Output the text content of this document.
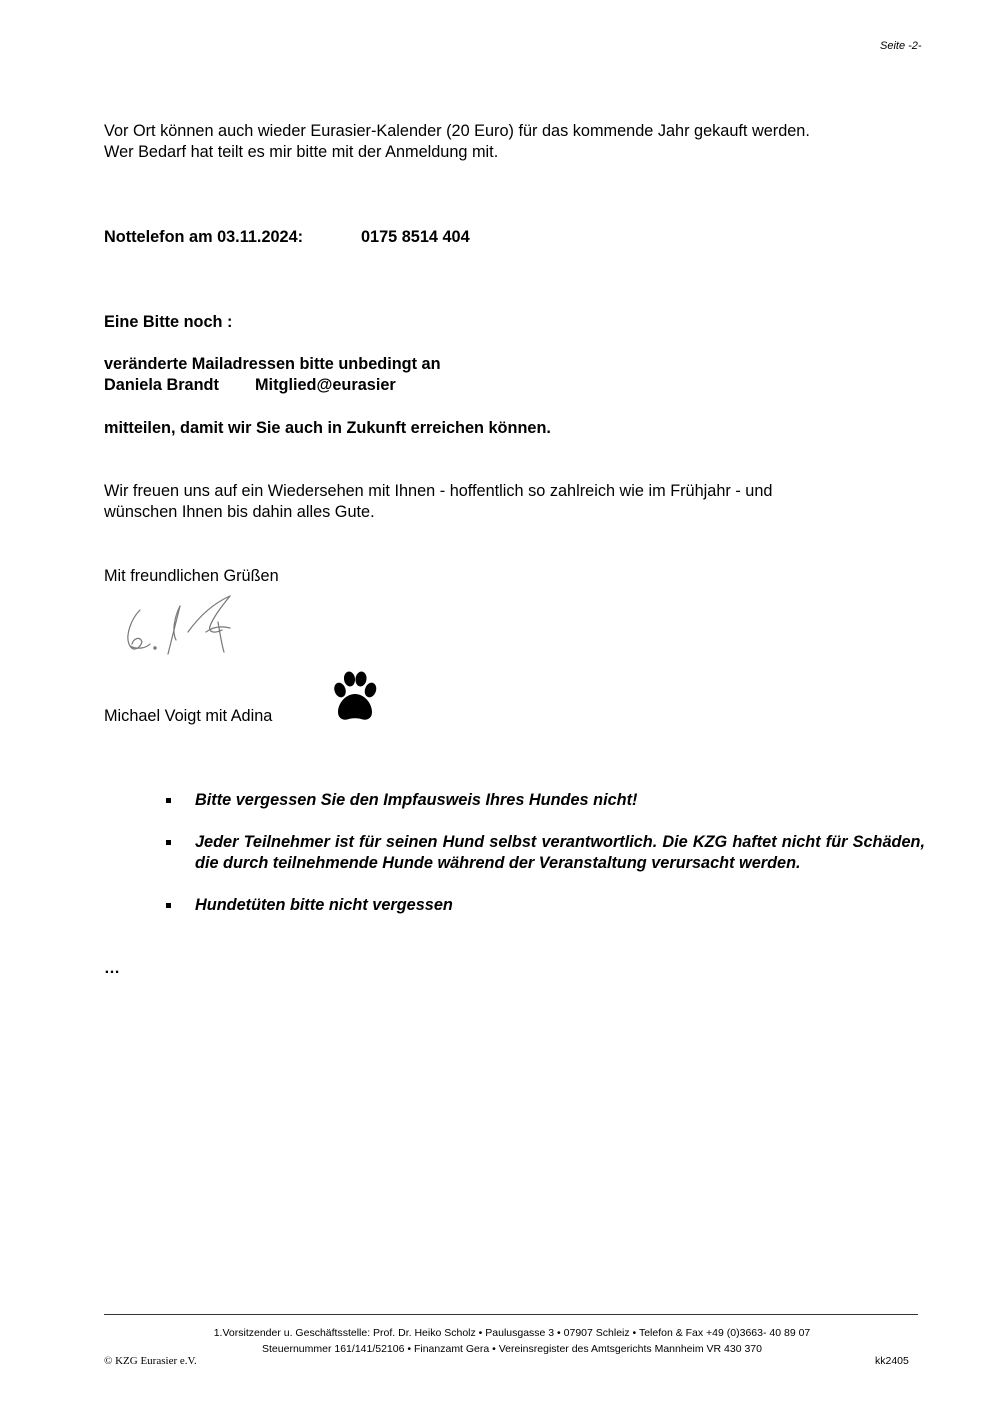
Seite -2-
Vor Ort können auch wieder Eurasier-Kalender (20 Euro) für das kommende Jahr gekauft werden.
Wer Bedarf hat teilt es mir bitte mit der Anmeldung mit.
Nottelefon am 03.11.2024:	0175 8514 404
Eine Bitte noch :
veränderte Mailadressen bitte unbedingt an
Daniela Brandt	Mitglied@eurasier
mitteilen, damit wir Sie auch in Zukunft erreichen können.
Wir freuen uns auf ein Wiedersehen mit Ihnen - hoffentlich so zahlreich wie im Frühjahr - und
wünschen Ihnen bis dahin alles Gute.
Mit freundlichen Grüßen
Michael Voigt mit Adina
Bitte vergessen Sie den Impfausweis Ihres Hundes nicht!
Jeder Teilnehmer ist für seinen Hund selbst verantwortlich. Die KZG haftet nicht für Schäden, die durch teilnehmende Hunde während der Veranstaltung verursacht werden.
Hundetüten bitte nicht vergessen
…
1.Vorsitzender u. Geschäftsstelle: Prof. Dr. Heiko Scholz • Paulusgasse 3 • 07907 Schleiz • Telefon & Fax +49 (0)3663- 40 89 07
Steuernummer 161/141/52106 • Finanzamt Gera • Vereinsregister des Amtsgerichts Mannheim VR 430 370
© KZG Eurasier e.V.	kk2405
